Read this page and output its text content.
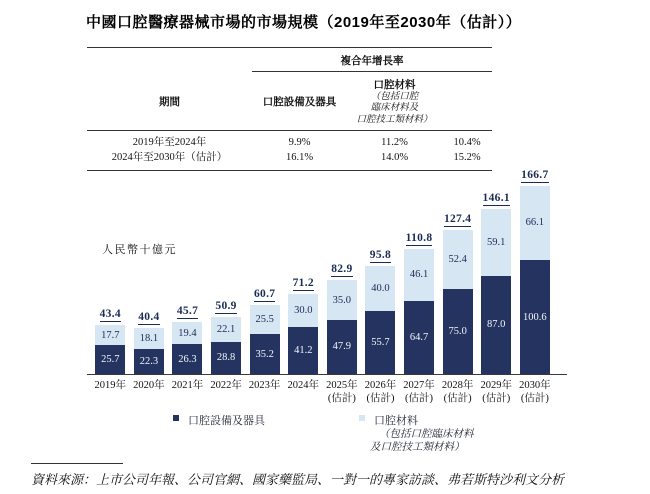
中國口腔醫療器械市場的市場規模（2019年至2030年（估計））
複合年增長率
期間	口腔設備及器具
口腔材料
（包括口腔
臨床材料及
口腔技工類材料）
2019年至2024年	9.9%	11.2%	10.4%
2024年至2030年（估計）	16.1%	14.0%	15.2%
人民幣十億元
43.4
17.7
25.7
40.4
18.1
22.3
45.7
19.4
26.3
50.9
22.1
28.8
60.7
25.5
35.2
71.2
30.0
41.2
82.9
35.0
47.9
95.8
40.0
55.7
110.8
46.1
64.7
127.4
52.4
75.0
146.1
59.1
87.0
166.7
66.1
100.6
2019年 2020年 2021年 2022年 2023年 2024年 2025年
(估計)
2026年
(估計)
2027年
(估計)
2028年
(估計)
2029年
(估計)
2030年
(估計)
口腔設備及器具	口腔材料
（包括口腔臨床材料
及口腔技工類材料）
資料來源：上市公司年報、公司官網、國家藥監局、一對一的專家訪談、弗若斯特沙利文分析
